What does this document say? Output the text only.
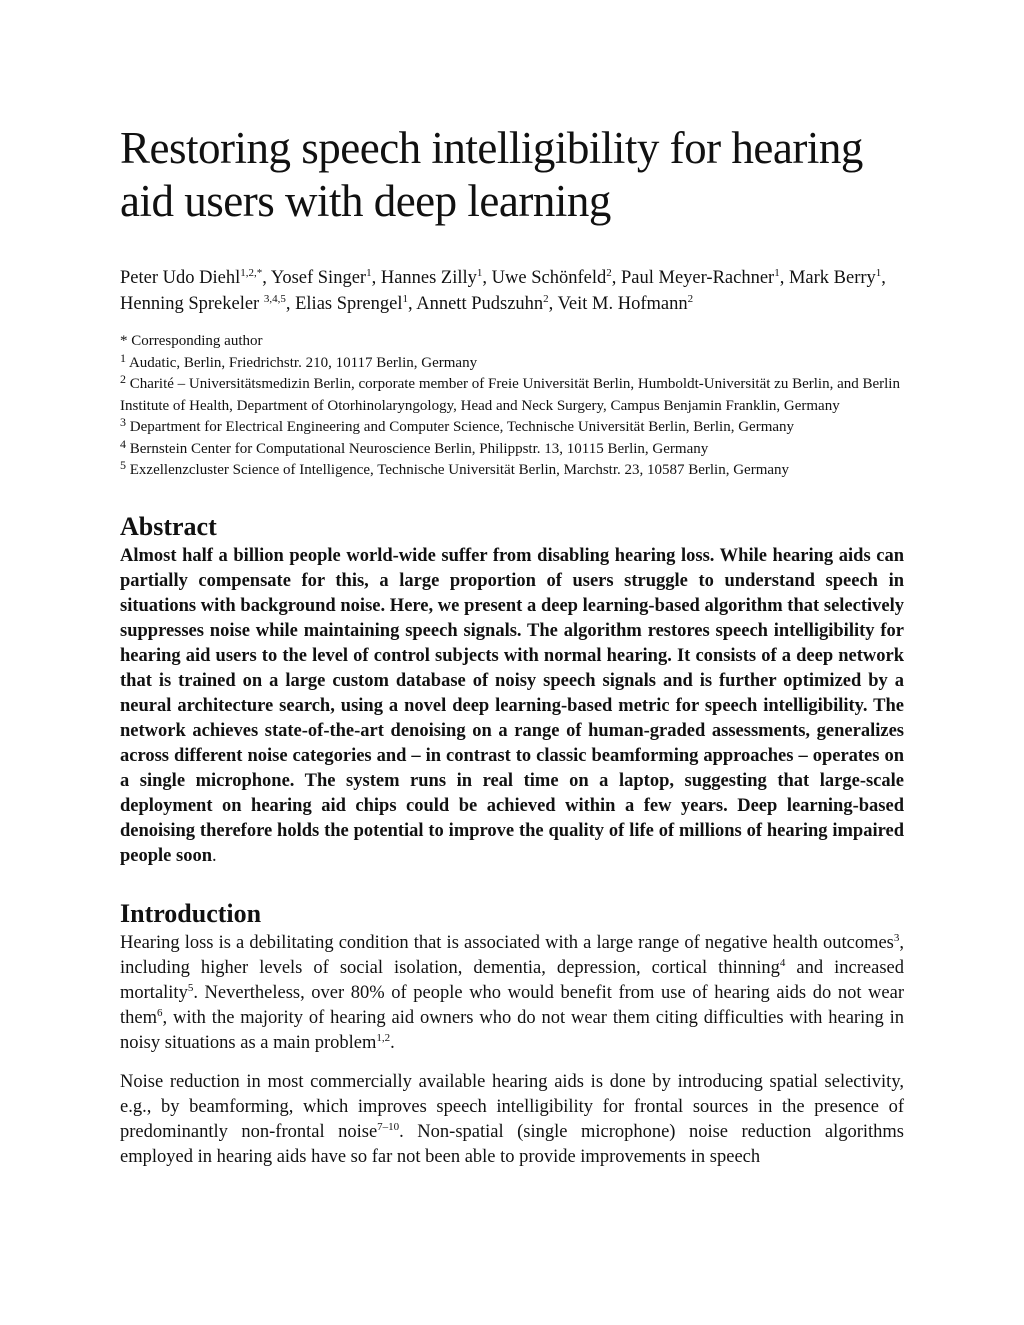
Restoring speech intelligibility for hearing aid users with deep learning
Peter Udo Diehl$^{1,2,*}$, Yosef Singer$^1$, Hannes Zilly$^1$, Uwe Schönfeld$^2$, Paul Meyer-Rachner$^1$, Mark Berry$^1$, Henning Sprekeler $^{3,4,5}$, Elias Sprengel$^1$, Annett Pudszuhn$^2$, Veit M. Hofmann$^2$

* Corresponding author

$^1$ Audatic, Berlin, Friedrichstr. 210, 10117 Berlin, Germany

$^2$ Charité – Universitätsmedizin Berlin, corporate member of Freie Universität Berlin, Humboldt-Universität zu Berlin, and Berlin Institute of Health, Department of Otorhinolaryngology, Head and Neck Surgery, Campus Benjamin Franklin, Germany

$^3$ Department for Electrical Engineering and Computer Science, Technische Universität Berlin, Berlin, Germany

$^4$ Bernstein Center for Computational Neuroscience Berlin, Philippstr. 13, 10115 Berlin, Germany

$^5$ Exzellenzcluster Science of Intelligence, Technische Universität Berlin, Marchstr. 23, 10587 Berlin, Germany

Abstract

Almost half a billion people world-wide suffer from disabling hearing loss. While hearing aids can partially compensate for this, a large proportion of users struggle to understand speech in situations with background noise. Here, we present a deep learning-based algorithm that selectively suppresses noise while maintaining speech signals. The algorithm restores speech intelligibility for hearing aid users to the level of control subjects with normal hearing. It consists of a deep network that is trained on a large custom database of noisy speech signals and is further optimized by a neural architecture search, using a novel deep learning-based metric for speech intelligibility. The network achieves state-of-the-art denoising on a range of human-graded assessments, generalizes across different noise categories and – in contrast to classic beamforming approaches – operates on a single microphone. The system runs in real time on a laptop, suggesting that large-scale deployment on hearing aid chips could be achieved within a few years. Deep learning-based denoising therefore holds the potential to improve the quality of life of millions of hearing impaired people soon.

Introduction

Hearing loss is a debilitating condition that is associated with a large range of negative health outcomes$^3$, including higher levels of social isolation, dementia, depression, cortical thinning$^4$ and increased mortality$^5$. Nevertheless, over 80% of people who would benefit from use of hearing aids do not wear them$^6$, with the majority of hearing aid owners who do not wear them citing difficulties with hearing in noisy situations as a main problem$^{1,2}$.

Noise reduction in most commercially available hearing aids is done by introducing spatial selectivity, e.g., by beamforming, which improves speech intelligibility for frontal sources in the presence of predominantly non-frontal noise$^{7-10}$. Non-spatial (single microphone) noise reduction algorithms employed in hearing aids have so far not been able to provide improvements in speech
